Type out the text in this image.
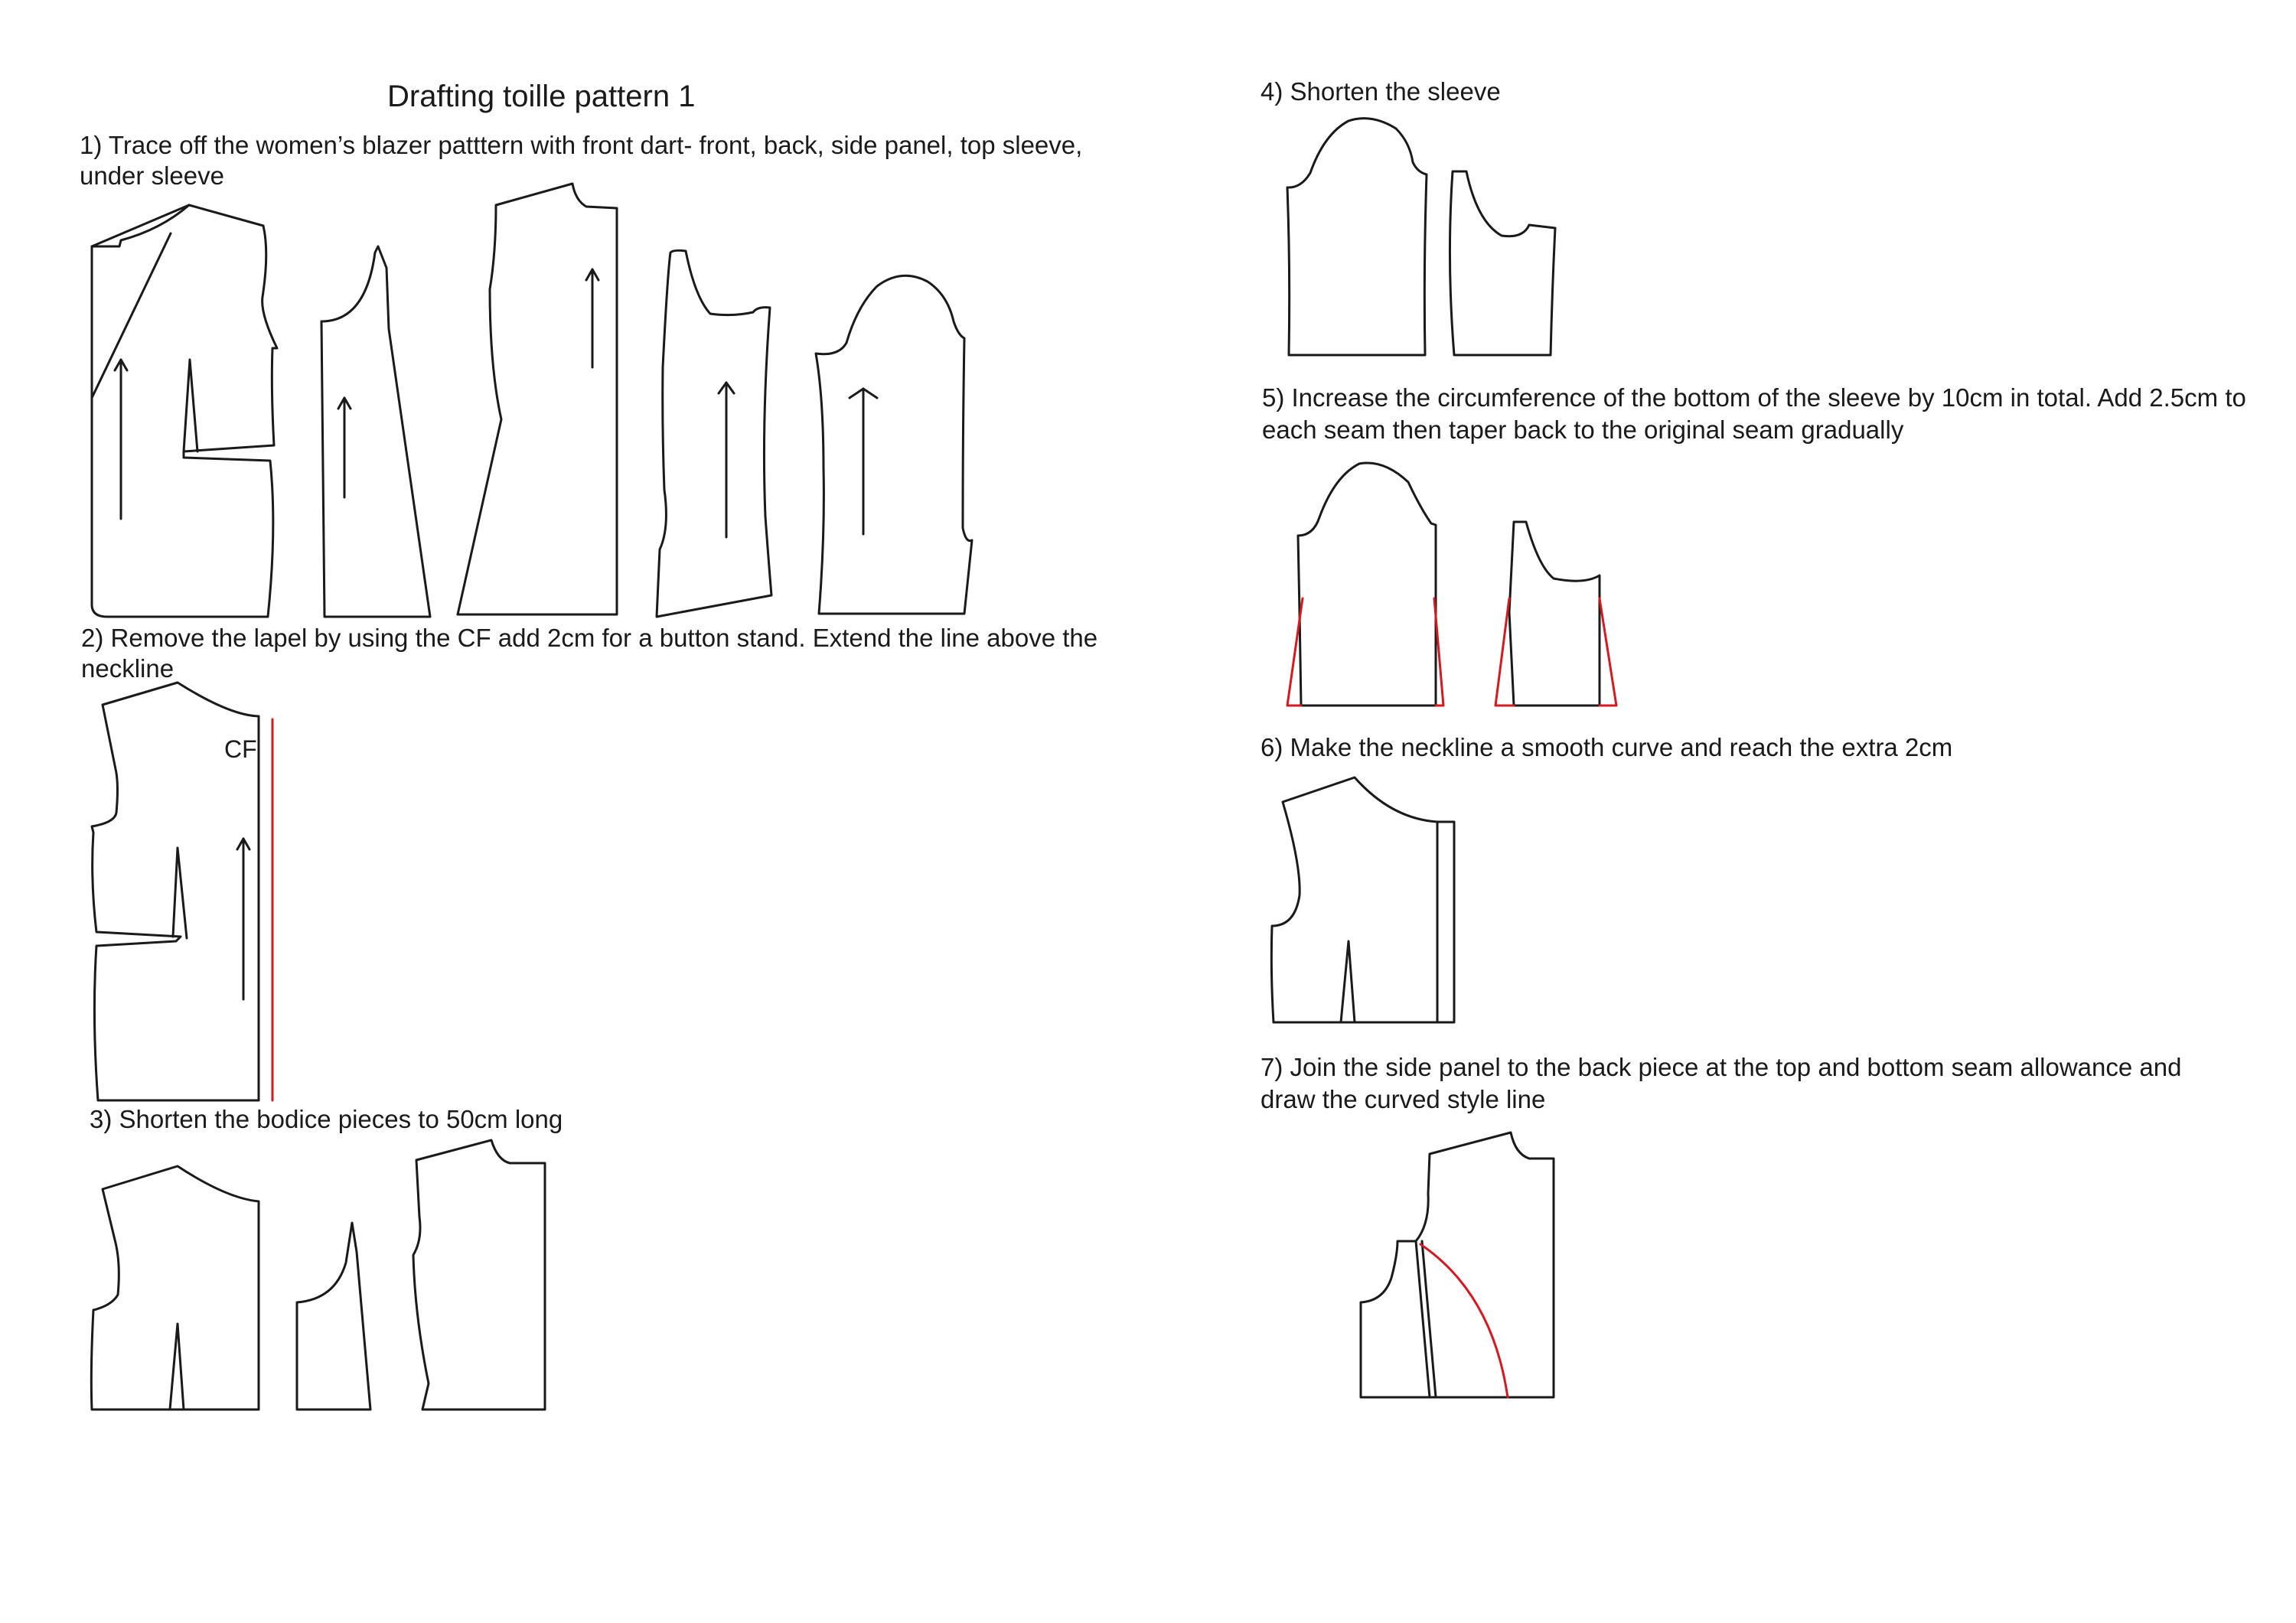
Drafting toille pattern 1
1) Trace off the women’s blazer patttern with front dart- front, back, side panel, top sleeve,
under sleeve
2) Remove the lapel by using the CF add 2cm for a button stand. Extend the line above the
neckline
3) Shorten the bodice pieces to 50cm long
4) Shorten the sleeve
5) Increase the circumference of the bottom of the sleeve by 10cm in total. Add 2.5cm to
each seam then taper back to the original seam gradually
6) Make the neckline a smooth curve and reach the extra 2cm
7) Join the side panel to the back piece at the top and bottom seam allowance and
draw the curved style line
CF
